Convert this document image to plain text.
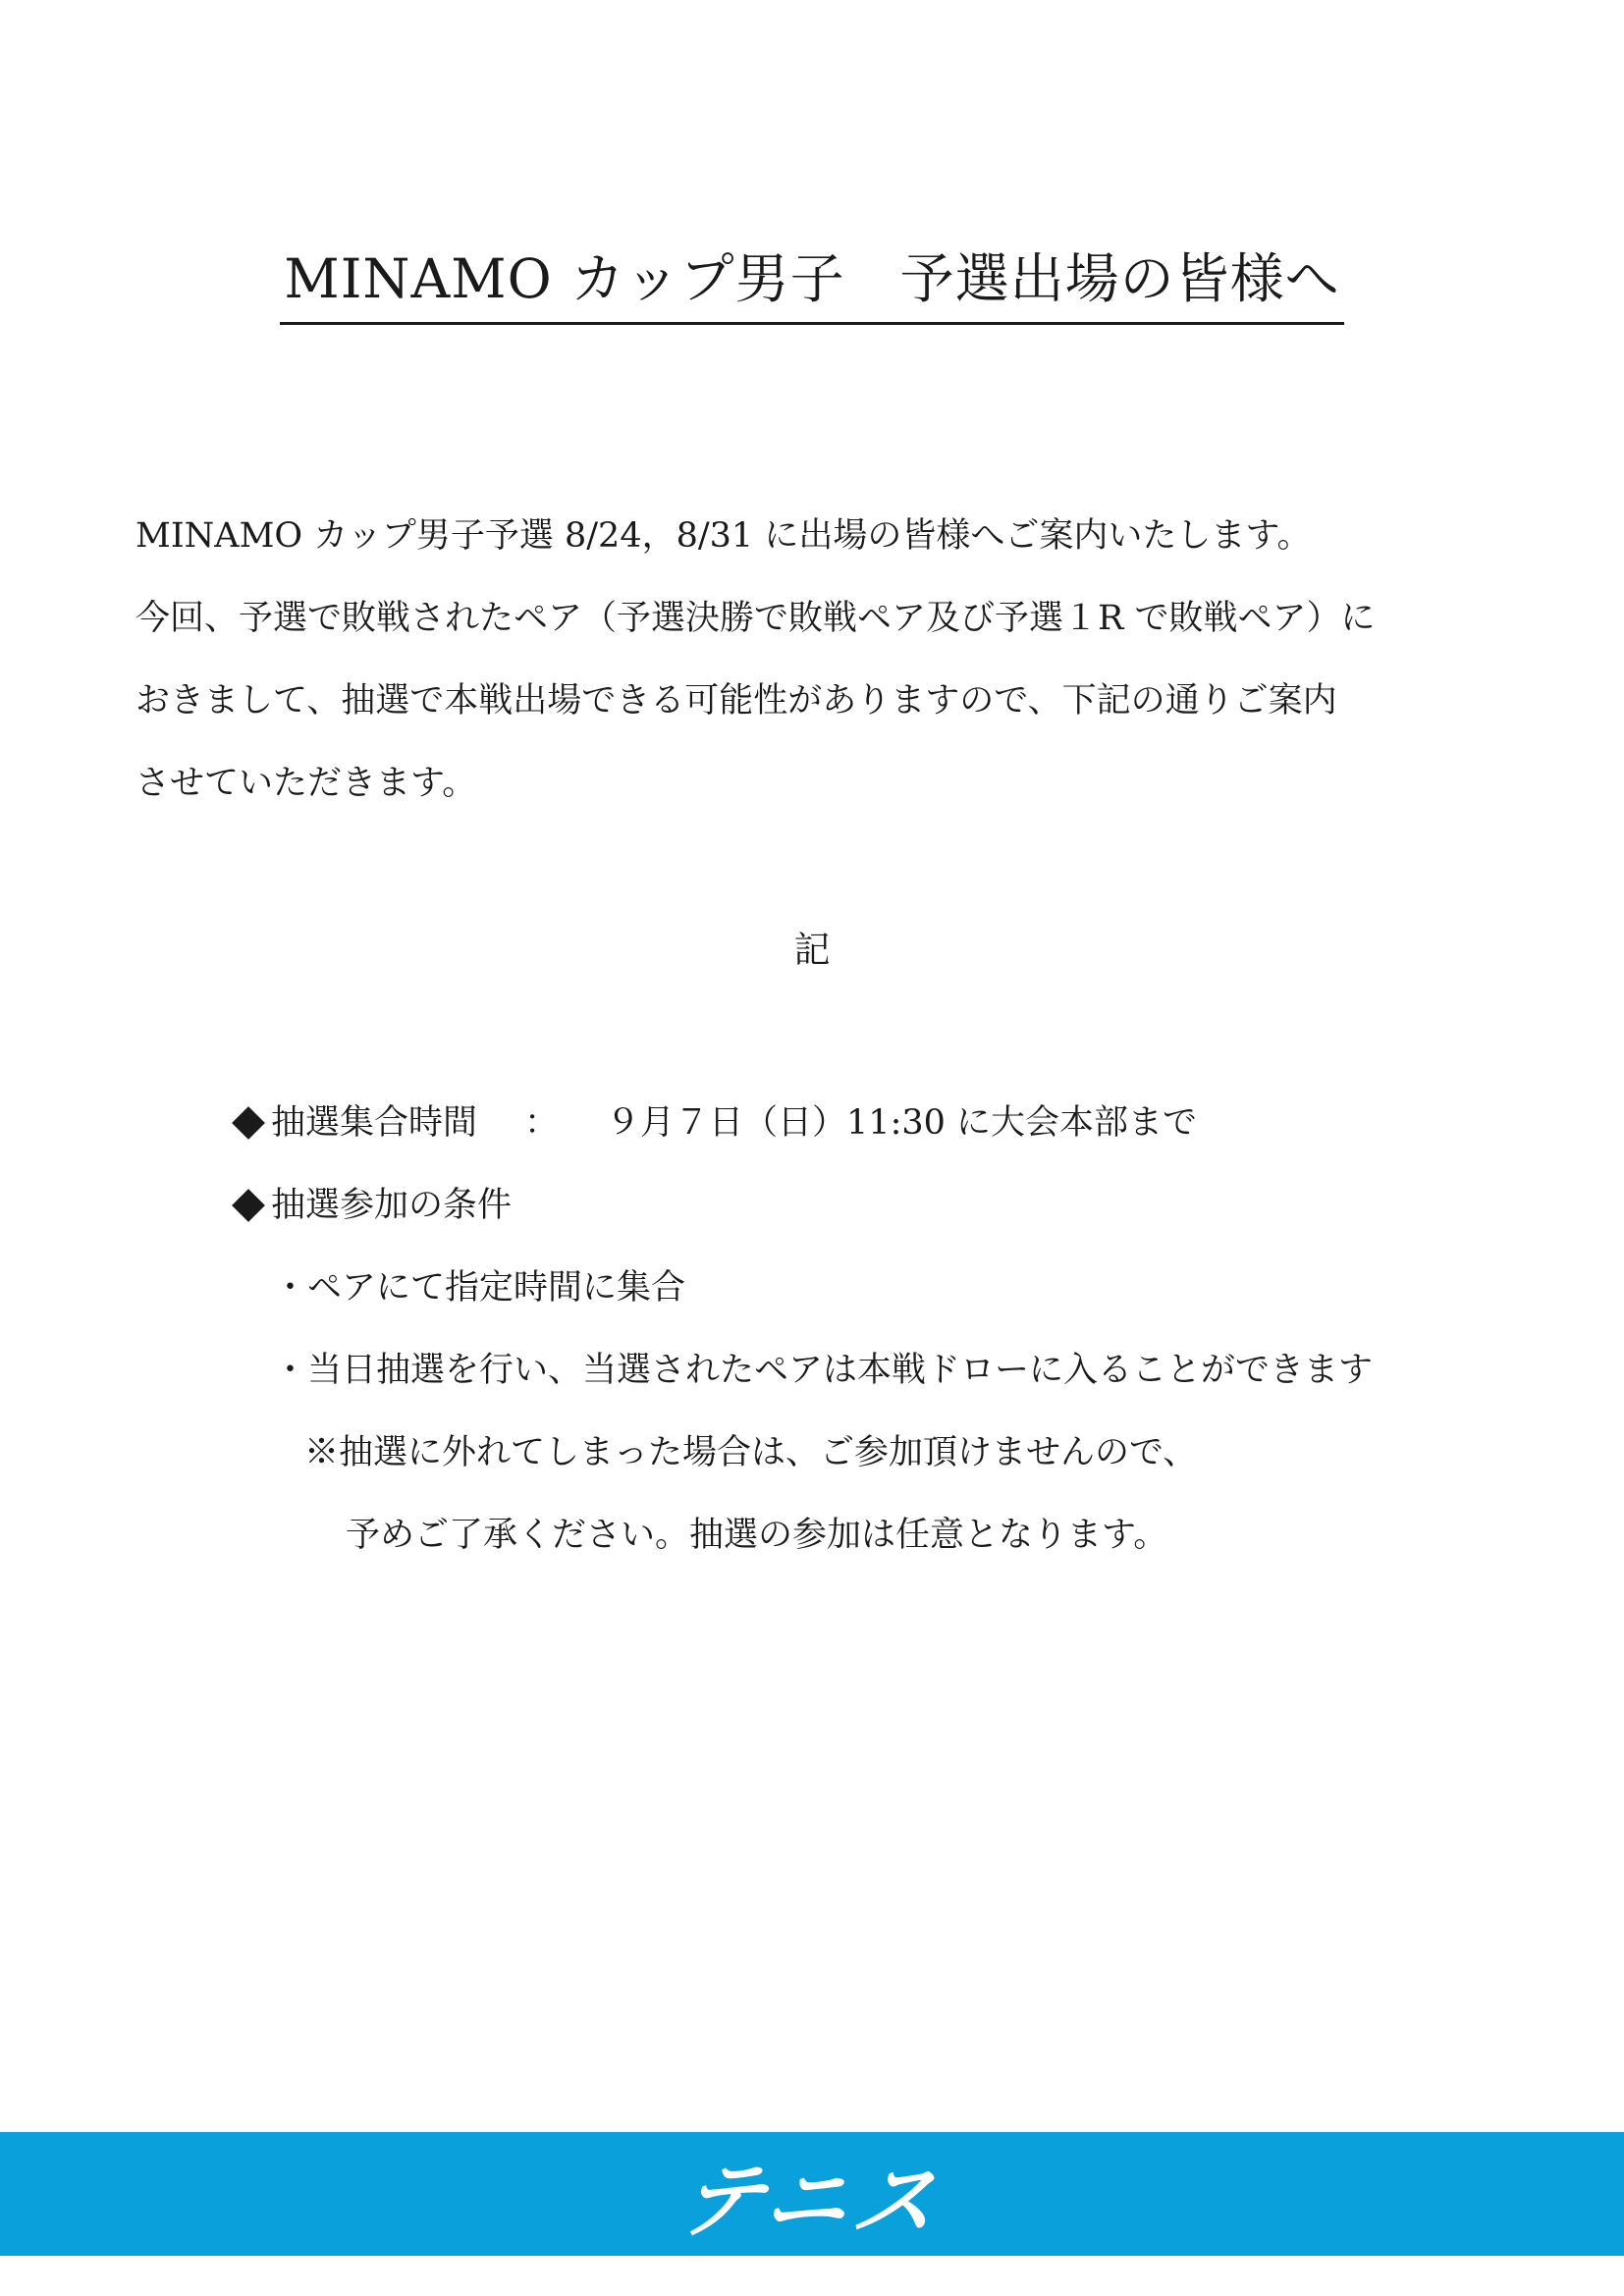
MINAMO カップ男子　予選出場の皆様へ

MINAMO カップ男子予選 8/24，8/31 に出場の皆様へご案内いたします。

今回、予選で敗戦されたペア（予選決勝で敗戦ペア及び予選１R で敗戦ペア）に

おきまして、抽選で本戦出場できる可能性がありますので、下記の通りご案内

させていただきます。

記
抽選集合時間 ： ９月７日（日）11:30 に大会本部まで
抽選参加の条件
・ペアにて指定時間に集合
・当日抽選を行い、当選されたペアは本戦ドローに入ることができます
※抽選に外れてしまった場合は、ご参加頂けませんので、
予めご了承ください。抽選の参加は任意となります。
テニス
